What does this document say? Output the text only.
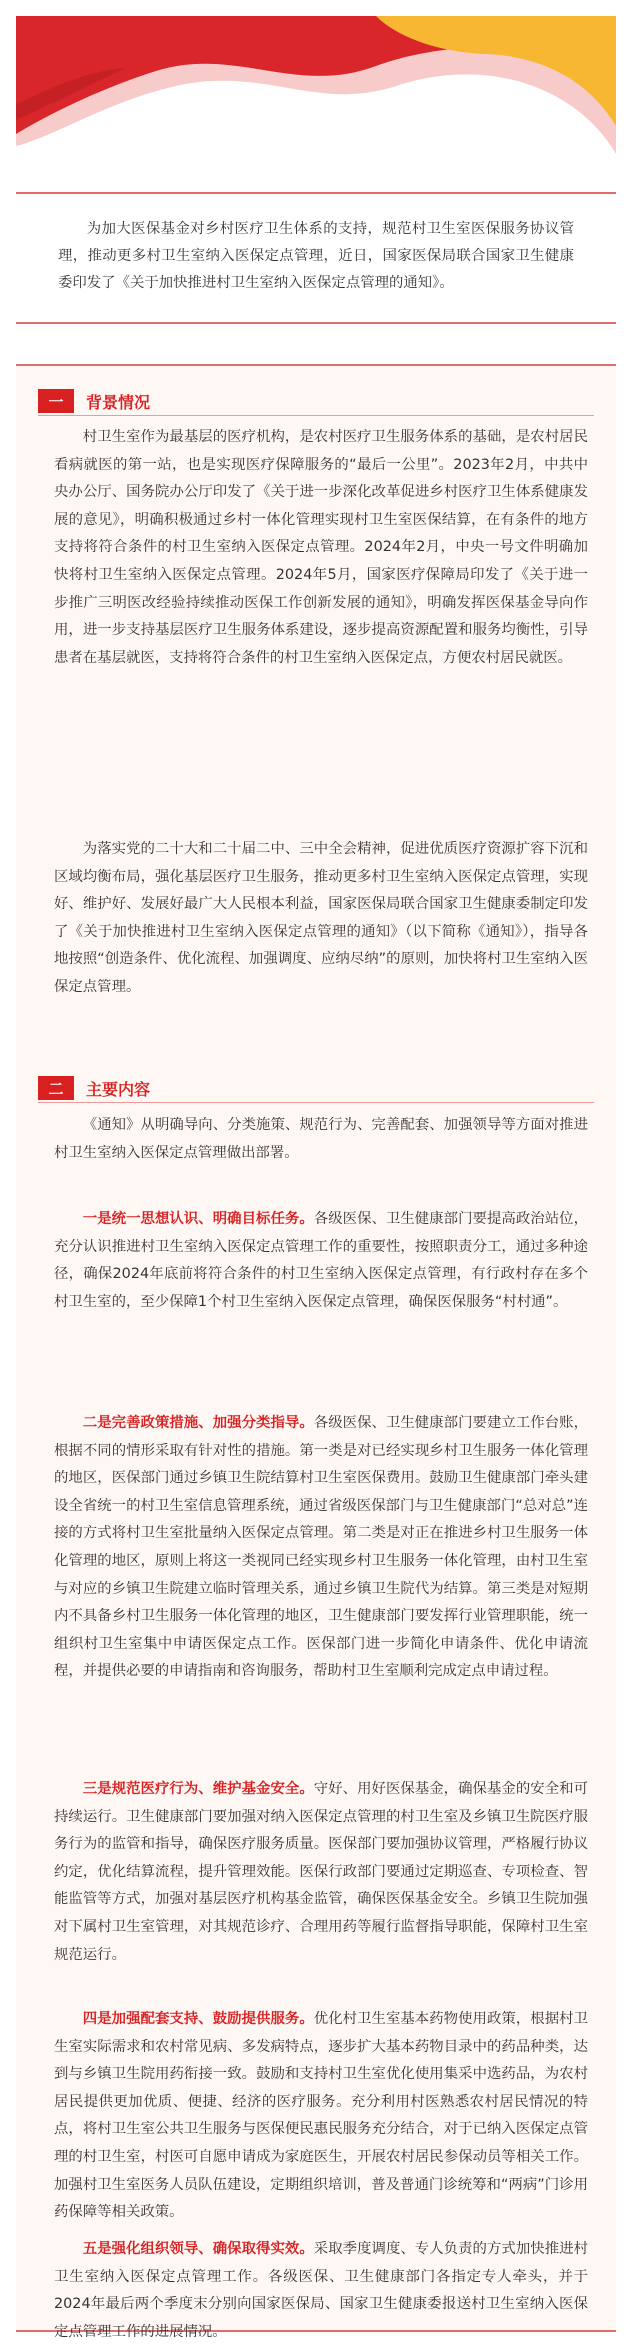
为加大医保基金对乡村医疗卫生体系的支持，规范村卫生室医保服务协议管理，推动更多村卫生室纳入医保定点管理，近日，国家医保局联合国家卫生健康委印发了《关于加快推进村卫生室纳入医保定点管理的通知》。

一	背景情况

村卫生室作为最基层的医疗机构，是农村医疗卫生服务体系的基础，是农村居民看病就医的第一站，也是实现医疗保障服务的“最后一公里”。2023年2月，中共中央办公厅、国务院办公厅印发了《关于进一步深化改革促进乡村医疗卫生体系健康发展的意见》，明确积极通过乡村一体化管理实现村卫生室医保结算，在有条件的地方支持将符合条件的村卫生室纳入医保定点管理。2024年2月，中央一号文件明确加快将村卫生室纳入医保定点管理。2024年5月，国家医疗保障局印发了《关于进一步推广三明医改经验持续推动医保工作创新发展的通知》，明确发挥医保基金导向作用，进一步支持基层医疗卫生服务体系建设，逐步提高资源配置和服务均衡性，引导患者在基层就医，支持将符合条件的村卫生室纳入医保定点，方便农村居民就医。

为落实党的二十大和二十届二中、三中全会精神，促进优质医疗资源扩容下沉和区域均衡布局，强化基层医疗卫生服务，推动更多村卫生室纳入医保定点管理，实现好、维护好、发展好最广大人民根本利益，国家医保局联合国家卫生健康委制定印发了《关于加快推进村卫生室纳入医保定点管理的通知》（以下简称《通知》），指导各地按照“创造条件、优化流程、加强调度、应纳尽纳”的原则，加快将村卫生室纳入医保定点管理。

二	主要内容

《通知》从明确导向、分类施策、规范行为、完善配套、加强领导等方面对推进村卫生室纳入医保定点管理做出部署。

一是统一思想认识、明确目标任务。各级医保、卫生健康部门要提高政治站位，充分认识推进村卫生室纳入医保定点管理工作的重要性，按照职责分工，通过多种途径，确保2024年底前将符合条件的村卫生室纳入医保定点管理，有行政村存在多个村卫生室的，至少保障1个村卫生室纳入医保定点管理，确保医保服务“村村通”。

二是完善政策措施、加强分类指导。各级医保、卫生健康部门要建立工作台账，根据不同的情形采取有针对性的措施。第一类是对已经实现乡村卫生服务一体化管理的地区，医保部门通过乡镇卫生院结算村卫生室医保费用。鼓励卫生健康部门牵头建设全省统一的村卫生室信息管理系统，通过省级医保部门与卫生健康部门“总对总”连接的方式将村卫生室批量纳入医保定点管理。第二类是对正在推进乡村卫生服务一体化管理的地区，原则上将这一类视同已经实现乡村卫生服务一体化管理，由村卫生室与对应的乡镇卫生院建立临时管理关系，通过乡镇卫生院代为结算。第三类是对短期内不具备乡村卫生服务一体化管理的地区，卫生健康部门要发挥行业管理职能，统一组织村卫生室集中申请医保定点工作。医保部门进一步简化申请条件、优化申请流程，并提供必要的申请指南和咨询服务，帮助村卫生室顺利完成定点申请过程。

三是规范医疗行为、维护基金安全。守好、用好医保基金，确保基金的安全和可持续运行。卫生健康部门要加强对纳入医保定点管理的村卫生室及乡镇卫生院医疗服务行为的监管和指导，确保医疗服务质量。医保部门要加强协议管理，严格履行协议约定，优化结算流程，提升管理效能。医保行政部门要通过定期巡查、专项检查、智能监管等方式，加强对基层医疗机构基金监管，确保医保基金安全。乡镇卫生院加强对下属村卫生室管理，对其规范诊疗、合理用药等履行监督指导职能，保障村卫生室规范运行。

四是加强配套支持、鼓励提供服务。优化村卫生室基本药物使用政策，根据村卫生室实际需求和农村常见病、多发病特点，逐步扩大基本药物目录中的药品种类，达到与乡镇卫生院用药衔接一致。鼓励和支持村卫生室优化使用集采中选药品，为农村居民提供更加优质、便捷、经济的医疗服务。充分利用村医熟悉农村居民情况的特点，将村卫生室公共卫生服务与医保便民惠民服务充分结合，对于已纳入医保定点管理的村卫生室，村医可自愿申请成为家庭医生，开展农村居民参保动员等相关工作。加强村卫生室医务人员队伍建设，定期组织培训，普及普通门诊统筹和“两病”门诊用药保障等相关政策。

五是强化组织领导、确保取得实效。采取季度调度、专人负责的方式加快推进村卫生室纳入医保定点管理工作。各级医保、卫生健康部门各指定专人牵头，并于2024年最后两个季度末分别向国家医保局、国家卫生健康委报送村卫生室纳入医保定点管理工作的进展情况。
